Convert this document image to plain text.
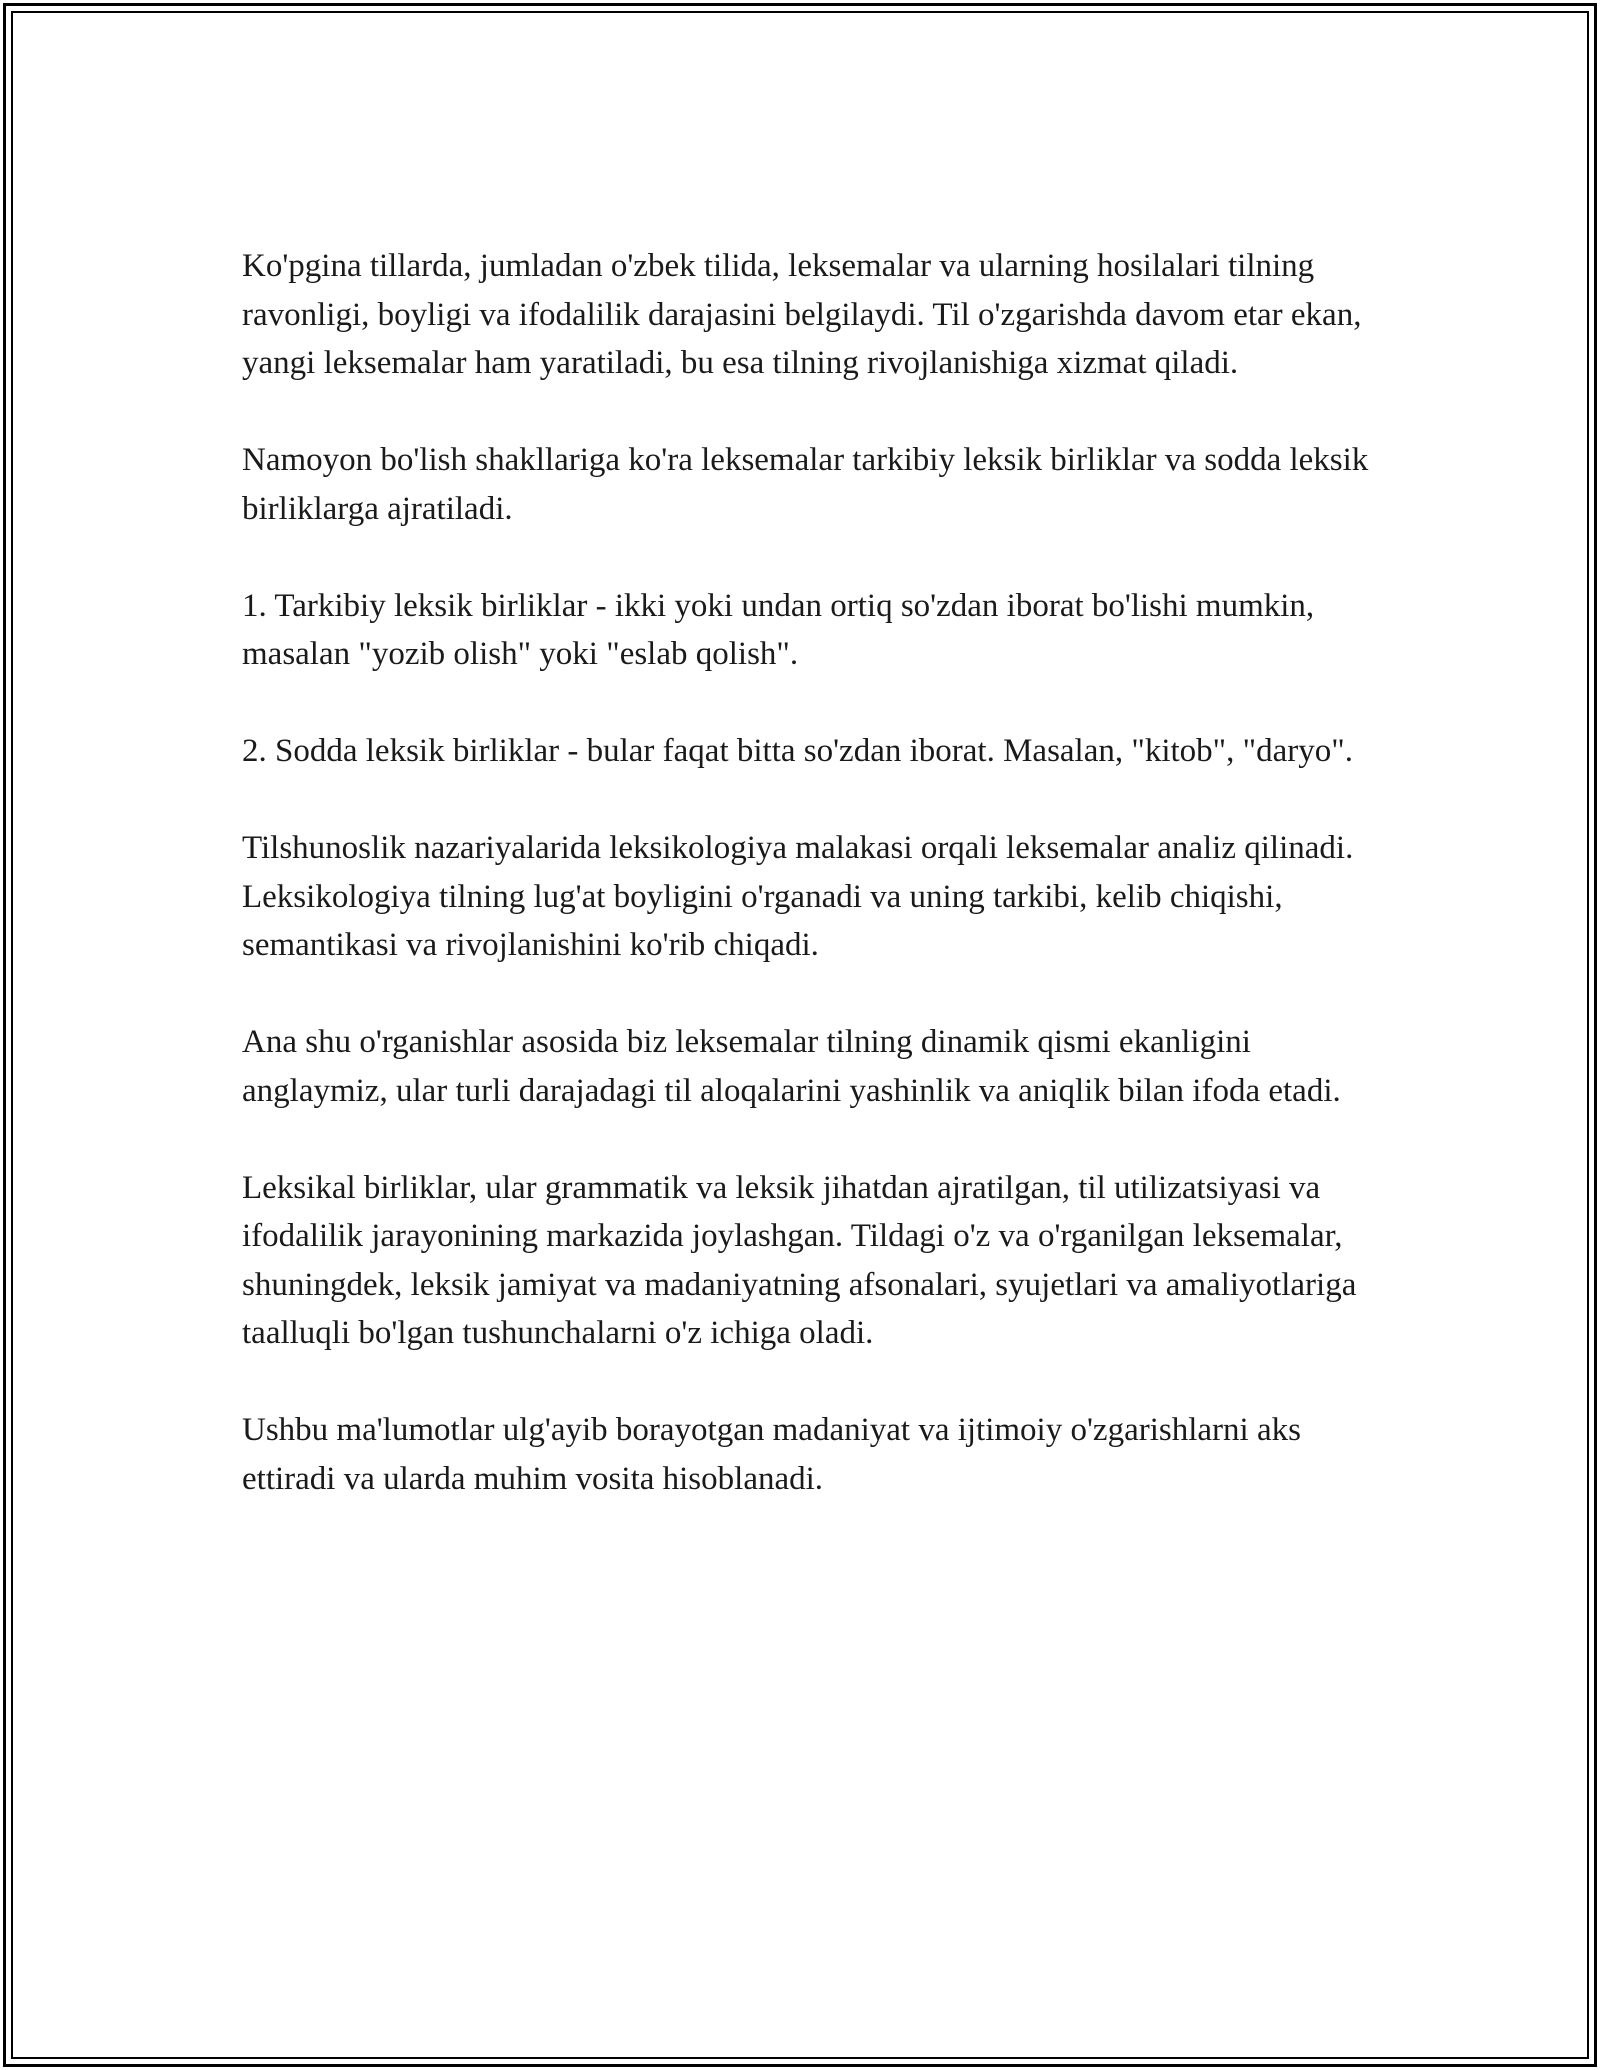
Ko'pgina tillarda, jumladan o'zbek tilida, leksemalar va ularning hosilalari tilning ravonligi, boyligi va ifodalilik darajasini belgilaydi. Til o'zgarishda davom etar ekan, yangi leksemalar ham yaratiladi, bu esa tilning rivojlanishiga xizmat qiladi.

Namoyon bo'lish shakllariga ko'ra leksemalar tarkibiy leksik birliklar va sodda leksik birliklarga ajratiladi.

1. Tarkibiy leksik birliklar - ikki yoki undan ortiq so'zdan iborat bo'lishi mumkin, masalan "yozib olish" yoki "eslab qolish".

2. Sodda leksik birliklar - bular faqat bitta so'zdan iborat. Masalan, "kitob", "daryo".

Tilshunoslik nazariyalarida leksikologiya malakasi orqali leksemalar analiz qilinadi. Leksikologiya tilning lug'at boyligini o'rganadi va uning tarkibi, kelib chiqishi, semantikasi va rivojlanishini ko'rib chiqadi.

Ana shu o'rganishlar asosida biz leksemalar tilning dinamik qismi ekanligini anglaymiz, ular turli darajadagi til aloqalarini yashinlik va aniqlik bilan ifoda etadi.

Leksikal birliklar, ular grammatik va leksik jihatdan ajratilgan, til utilizatsiyasi va ifodalilik jarayonining markazida joylashgan. Tildagi o'z va o'rganilgan leksemalar, shuningdek, leksik jamiyat va madaniyatning afsonalari, syujetlari va amaliyotlariga taalluqli bo'lgan tushunchalarni o'z ichiga oladi.

Ushbu ma'lumotlar ulg'ayib borayotgan madaniyat va ijtimoiy o'zgarishlarni aks ettiradi va ularda muhim vosita hisoblanadi.
